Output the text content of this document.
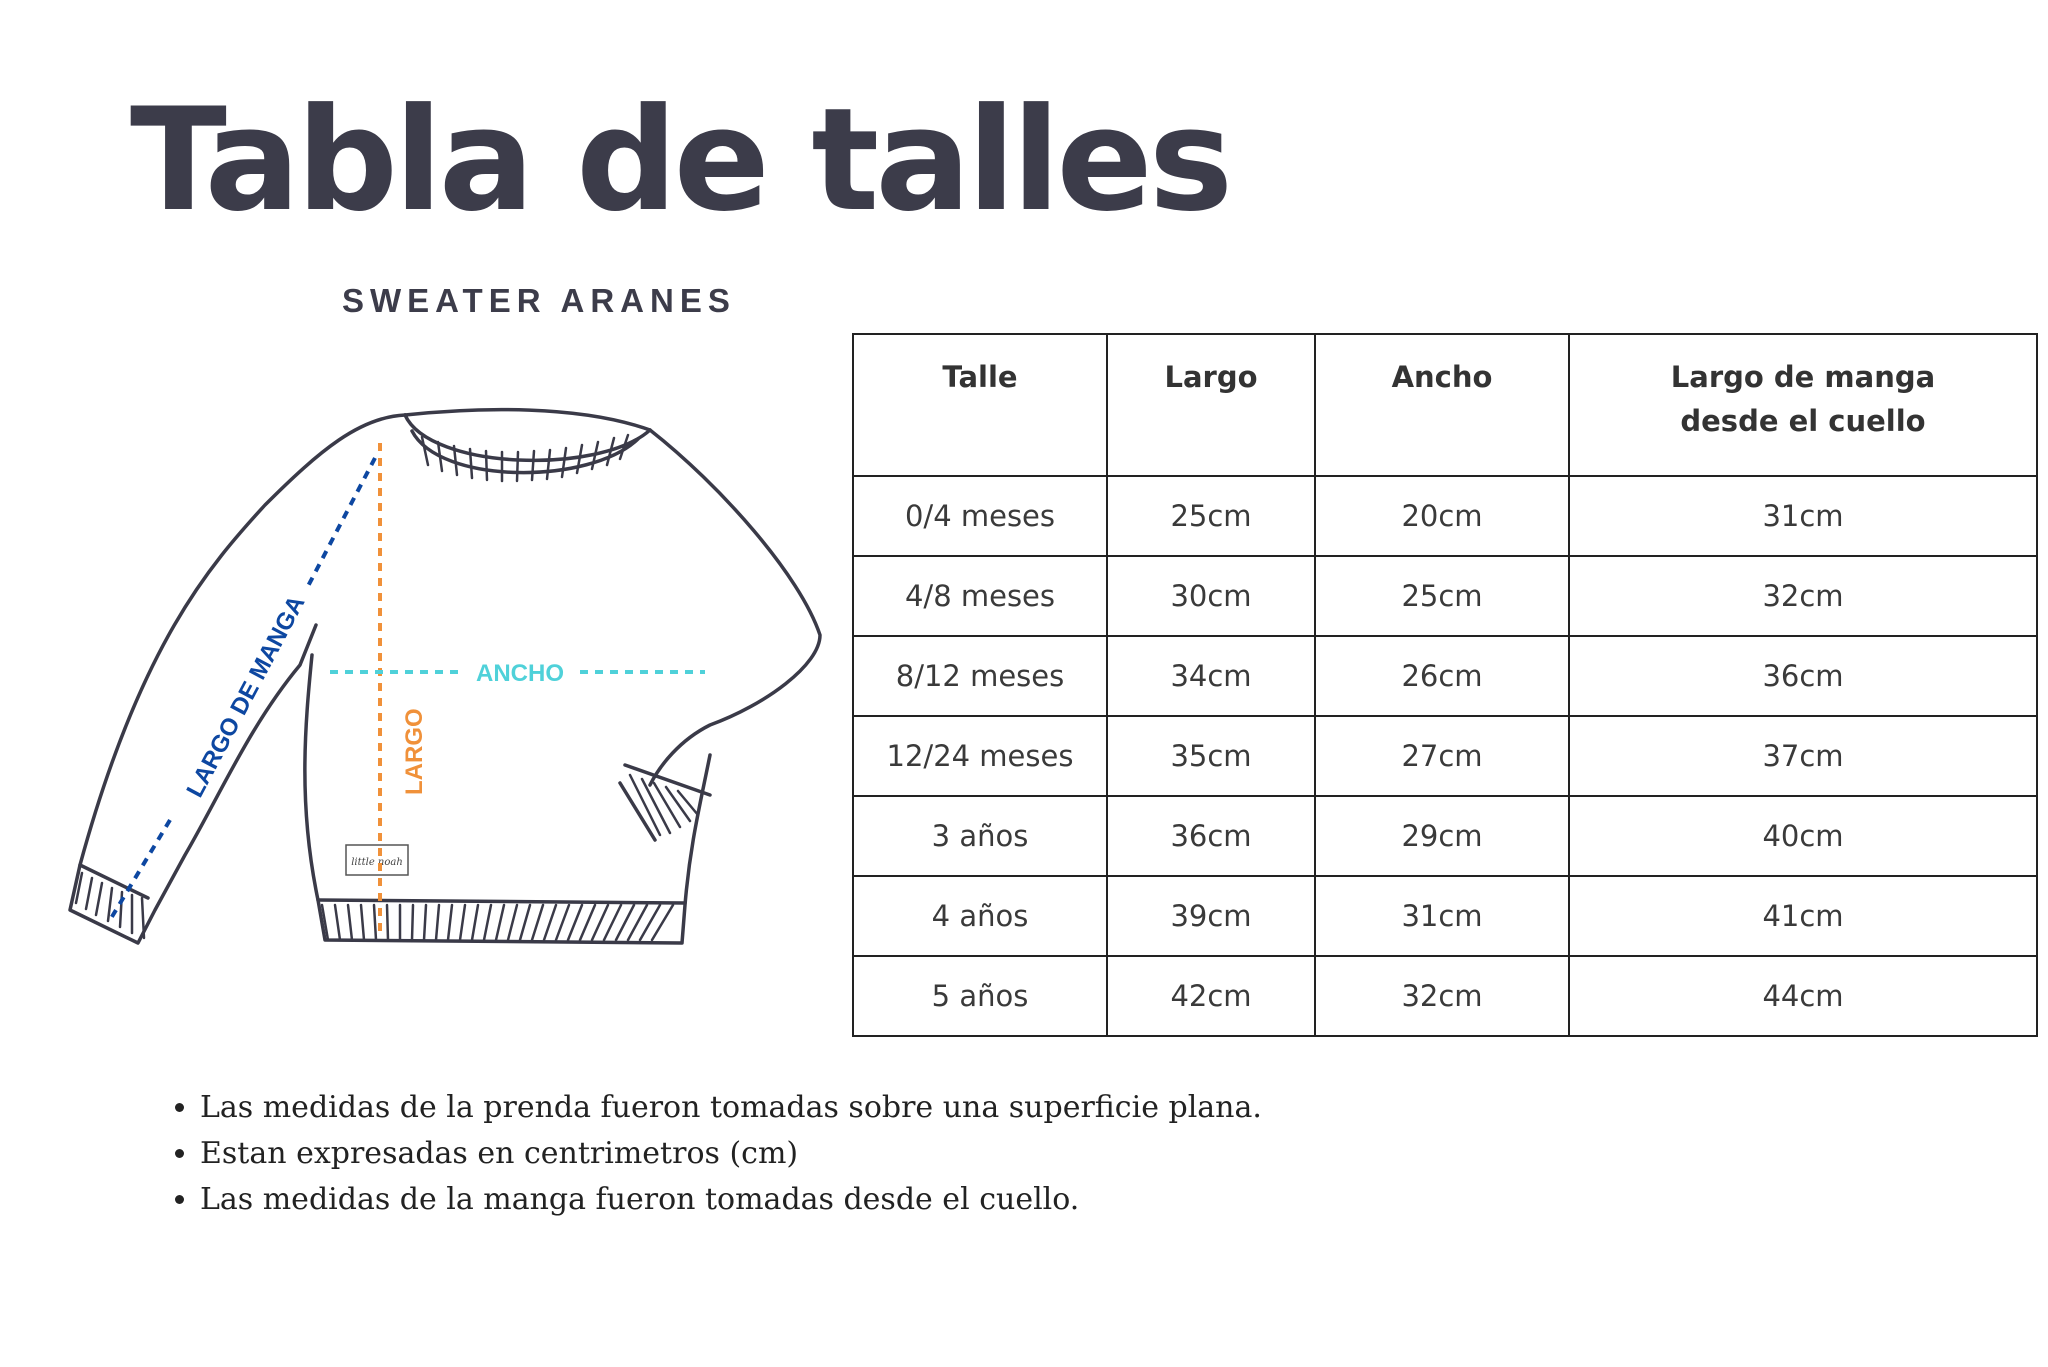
Tabla de talles
SWEATER ARANES
little noah
LARGO
ANCHO
LARGO DE MANGA
Talle	Largo	Ancho	Largo de manga desde el cuello
0/4 meses	25cm	20cm	31cm
4/8 meses	30cm	25cm	32cm
8/12 meses	34cm	26cm	36cm
12/24 meses	35cm	27cm	37cm
3 años	36cm	29cm	40cm
4 años	39cm	31cm	41cm
5 años	42cm	32cm	44cm
• Las medidas de la prenda fueron tomadas sobre una superficie plana.
• Estan expresadas en centrimetros (cm)
• Las medidas de la manga fueron tomadas desde el cuello.
